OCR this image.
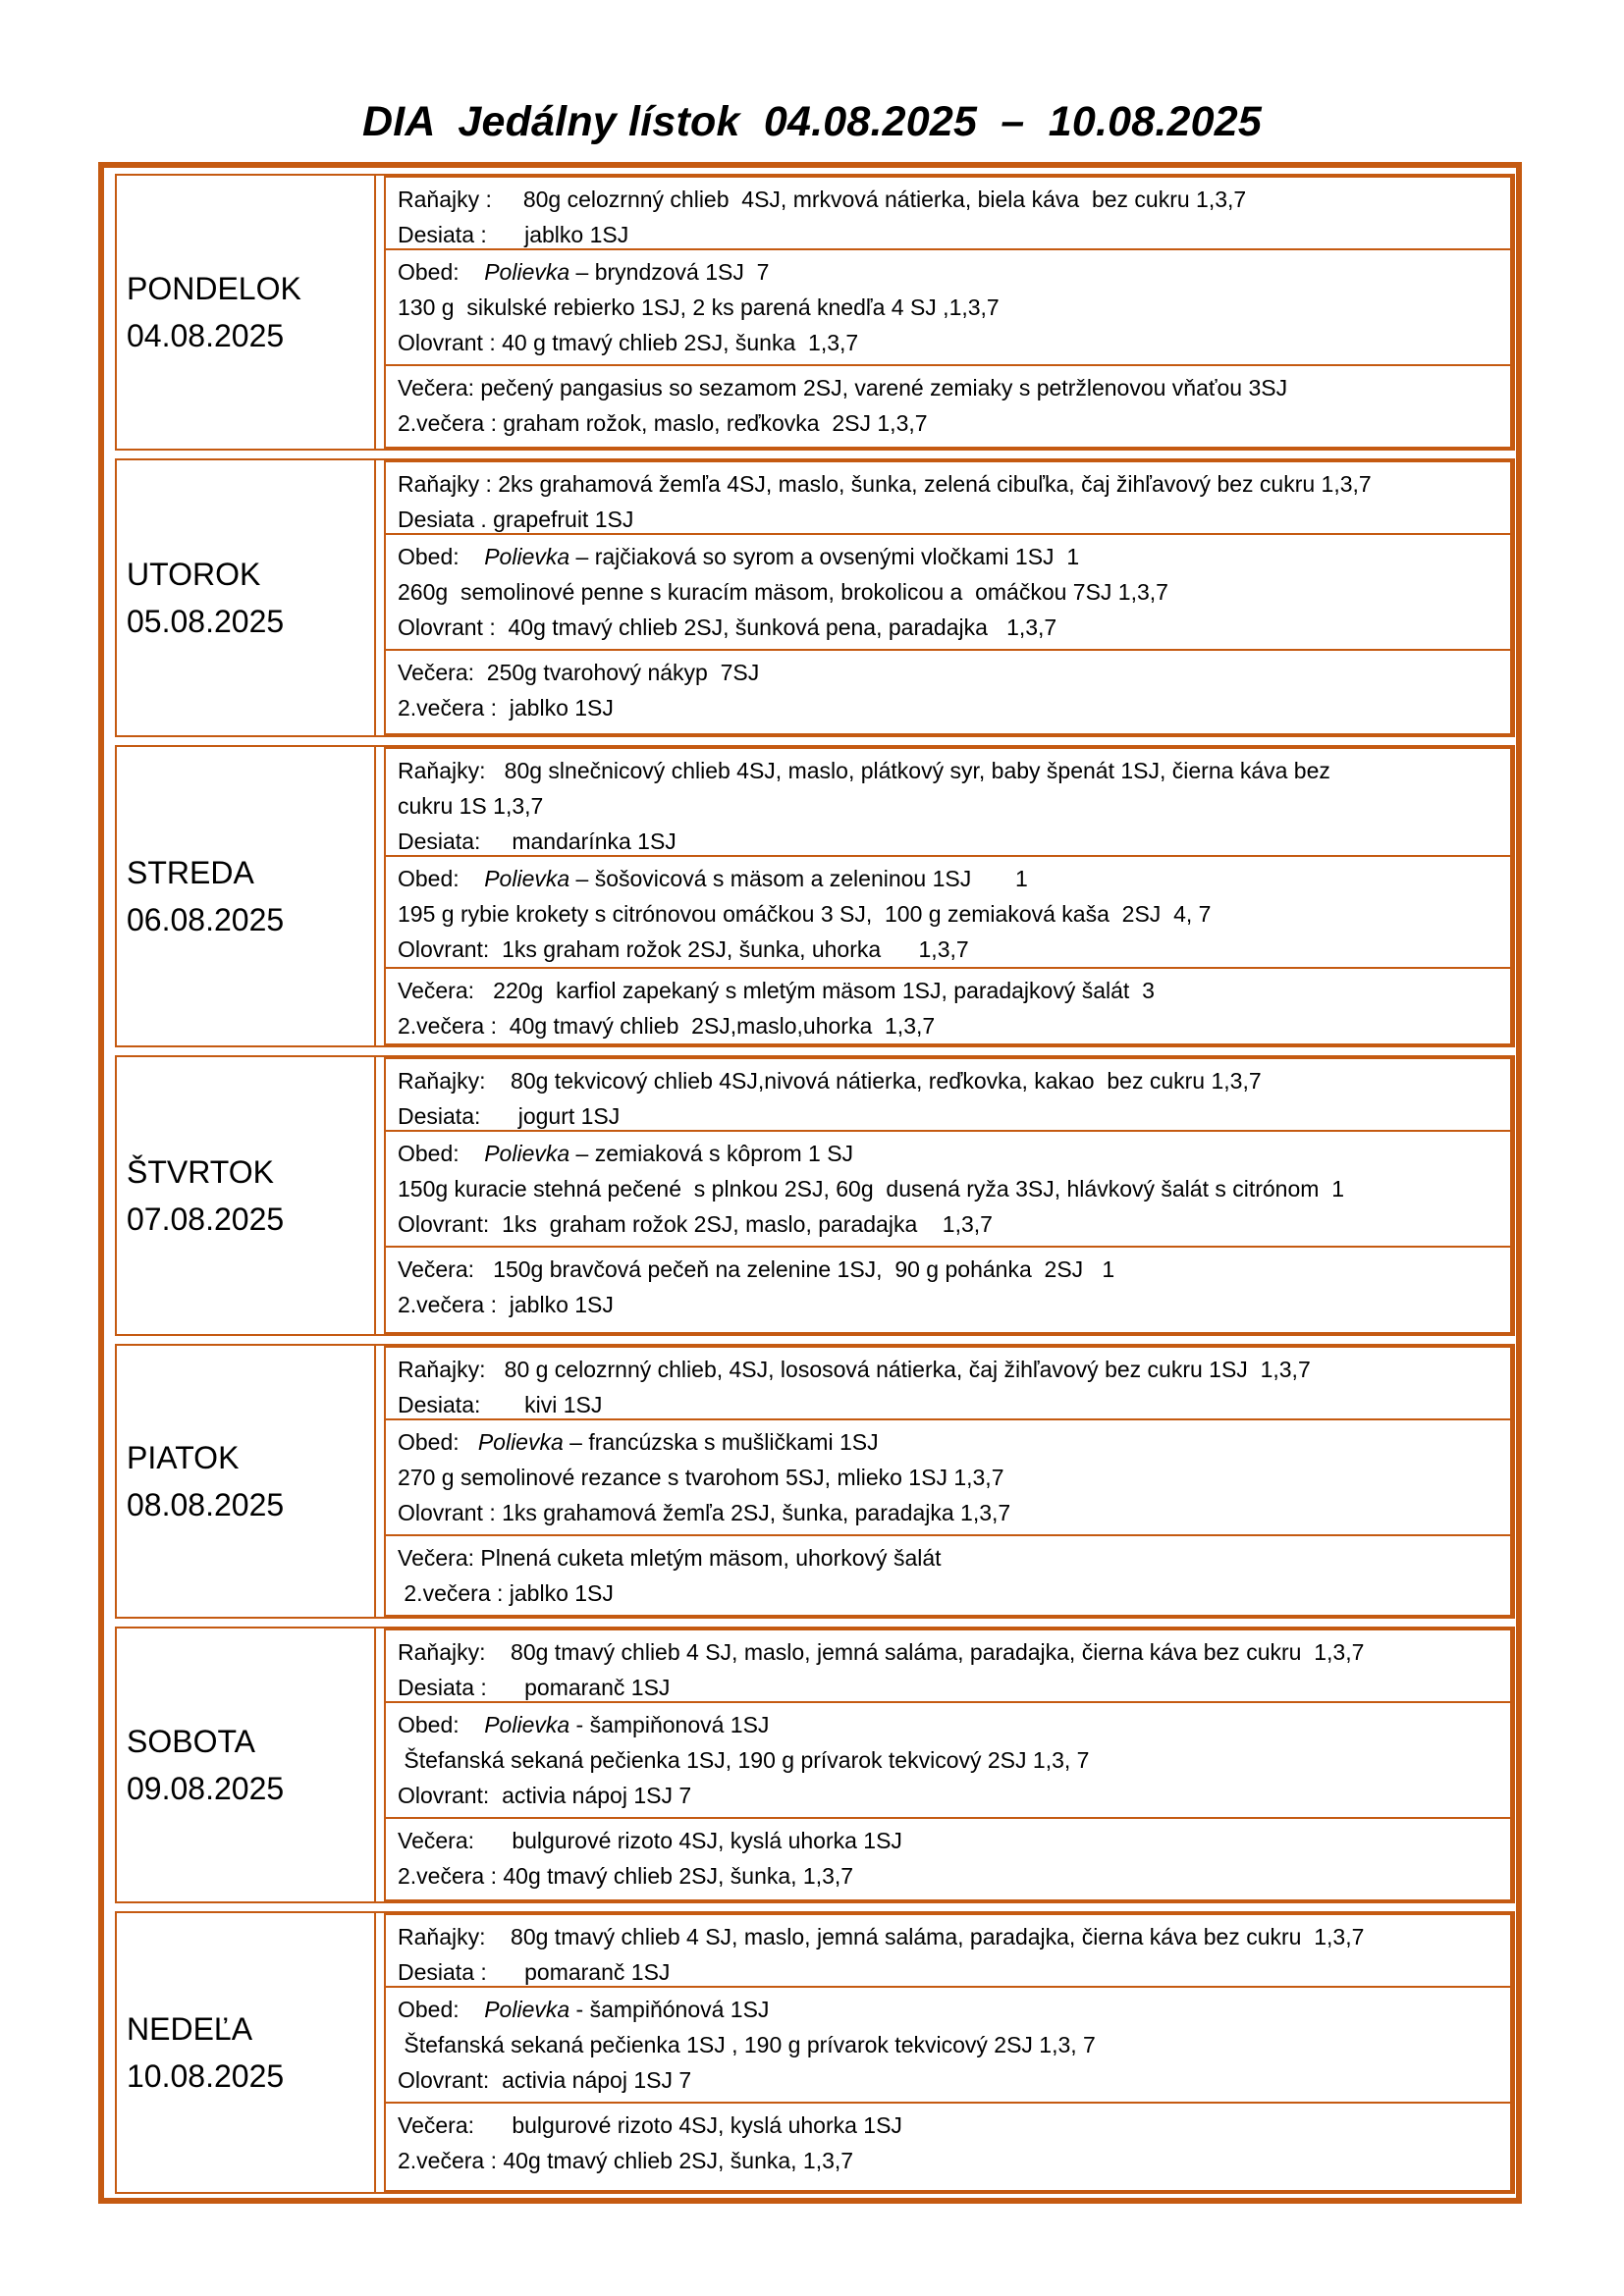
DIA  Jedálny lístok  04.08.2025  –  10.08.2025
PONDELOK
04.08.2025
Raňajky :     80g celozrnný chlieb  4SJ, mrkvová nátierka, biela káva  bez cukru 1,3,7
Desiata :      jablko 1SJ
Obed:    Polievka – bryndzová 1SJ  7
130 g  sikulské rebierko 1SJ, 2 ks parená knedľa 4 SJ ,1,3,7
Olovrant : 40 g tmavý chlieb 2SJ, šunka  1,3,7
Večera: pečený pangasius so sezamom 2SJ, varené zemiaky s petržlenovou vňaťou 3SJ
2.večera : graham rožok, maslo, reďkovka  2SJ 1,3,7
UTOROK
05.08.2025
Raňajky : 2ks grahamová žemľa 4SJ, maslo, šunka, zelená cibuľka, čaj žihľavový bez cukru 1,3,7
Desiata . grapefruit 1SJ
Obed:    Polievka – rajčiaková so syrom a ovsenými vločkami 1SJ  1
260g  semolinové penne s kuracím mäsom, brokolicou a  omáčkou 7SJ 1,3,7
Olovrant :  40g tmavý chlieb 2SJ, šunková pena, paradajka   1,3,7
Večera:  250g tvarohový nákyp  7SJ
2.večera :  jablko 1SJ
STREDA
06.08.2025
Raňajky:   80g slnečnicový chlieb 4SJ, maslo, plátkový syr, baby špenát 1SJ, čierna káva bez
cukru 1S 1,3,7
Desiata:     mandarínka 1SJ
Obed:    Polievka – šošovicová s mäsom a zeleninou 1SJ       1
195 g rybie krokety s citrónovou omáčkou 3 SJ,  100 g zemiaková kaša  2SJ  4, 7
Olovrant:  1ks graham rožok 2SJ, šunka, uhorka      1,3,7
Večera:   220g  karfiol zapekaný s mletým mäsom 1SJ, paradajkový šalát  3
2.večera :  40g tmavý chlieb  2SJ,maslo,uhorka  1,3,7
ŠTVRTOK
07.08.2025
Raňajky:    80g tekvicový chlieb 4SJ,nivová nátierka, reďkovka, kakao  bez cukru 1,3,7
Desiata:      jogurt 1SJ
Obed:    Polievka – zemiaková s kôprom 1 SJ
150g kuracie stehná pečené  s plnkou 2SJ, 60g  dusená ryža 3SJ, hlávkový šalát s citrónom  1
Olovrant:  1ks  graham rožok 2SJ, maslo, paradajka    1,3,7
Večera:   150g bravčová pečeň na zelenine 1SJ,  90 g pohánka  2SJ   1
2.večera :  jablko 1SJ
PIATOK
08.08.2025
Raňajky:   80 g celozrnný chlieb, 4SJ, lososová nátierka, čaj žihľavový bez cukru 1SJ  1,3,7
Desiata:       kivi 1SJ
Obed:   Polievka – francúzska s mušličkami 1SJ
270 g semolinové rezance s tvarohom 5SJ, mlieko 1SJ 1,3,7
Olovrant : 1ks grahamová žemľa 2SJ, šunka, paradajka 1,3,7
Večera: Plnená cuketa mletým mäsom, uhorkový šalát
2.večera : jablko 1SJ
SOBOTA
09.08.2025
Raňajky:    80g tmavý chlieb 4 SJ, maslo, jemná saláma, paradajka, čierna káva bez cukru  1,3,7
Desiata :      pomaranč 1SJ
Obed:    Polievka - šampiňonová 1SJ
Štefanská sekaná pečienka 1SJ, 190 g prívarok tekvicový 2SJ 1,3, 7
Olovrant:  activia nápoj 1SJ 7
Večera:      bulgurové rizoto 4SJ, kyslá uhorka 1SJ
2.večera : 40g tmavý chlieb 2SJ, šunka, 1,3,7
NEDEĽA
10.08.2025
Raňajky:    80g tmavý chlieb 4 SJ, maslo, jemná saláma, paradajka, čierna káva bez cukru  1,3,7
Desiata :      pomaranč 1SJ
Obed:    Polievka - šampiňónová 1SJ
Štefanská sekaná pečienka 1SJ , 190 g prívarok tekvicový 2SJ 1,3, 7
Olovrant:  activia nápoj 1SJ 7
Večera:      bulgurové rizoto 4SJ, kyslá uhorka 1SJ
2.večera : 40g tmavý chlieb 2SJ, šunka, 1,3,7
